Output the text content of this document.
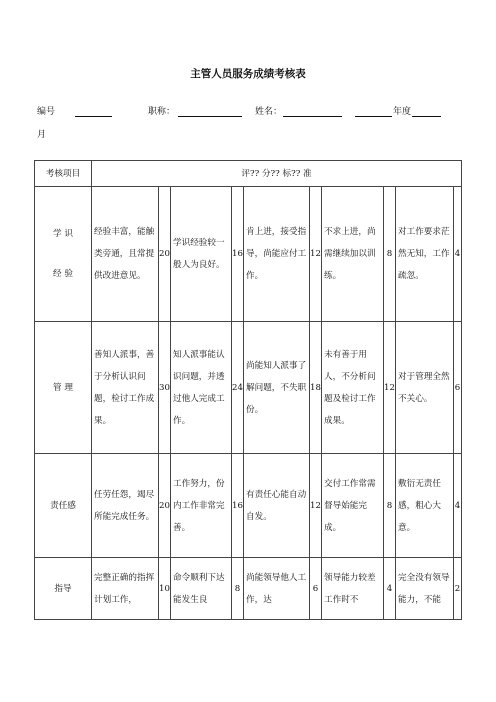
主管人员服务成绩考核表
编号	职称：	姓名：	年度
月
考核项目	评?? 分?? 标?? 准									
学 识

经 验	经验丰富，能触类旁通，且常提供改进意见。	20	学识经验较一般人为良好。	16	肯上进，接受指导，尚能应付工作。	12	不求上进，尚需继续加以训练。	8	对工作要求茫然无知，工作疏忽。	4
管 理	善知人派事，善于分析认识问题，检讨工作成果。	30	知人派事能认识问题，并透过他人完成工作。	24	尚能知人派事了解问题，不失职份。	18	未有善于用人，不分析问题及检讨工作成果。	12	对于管理全然不关心。	6
责任感	任劳任怨，竭尽所能完成任务。	20	工作努力，份内工作非常完善。	16	有责任心能自动自发。	12	交付工作常需督导始能完成。	8	敷衍无责任感，粗心大意。	4
指导	完整正确的指挥计划工作，	10	命令顺利下达能发生良	8	尚能领导他人工作，达	6	领导能力较差工作时不	4	完全没有领导能力，不能	2
